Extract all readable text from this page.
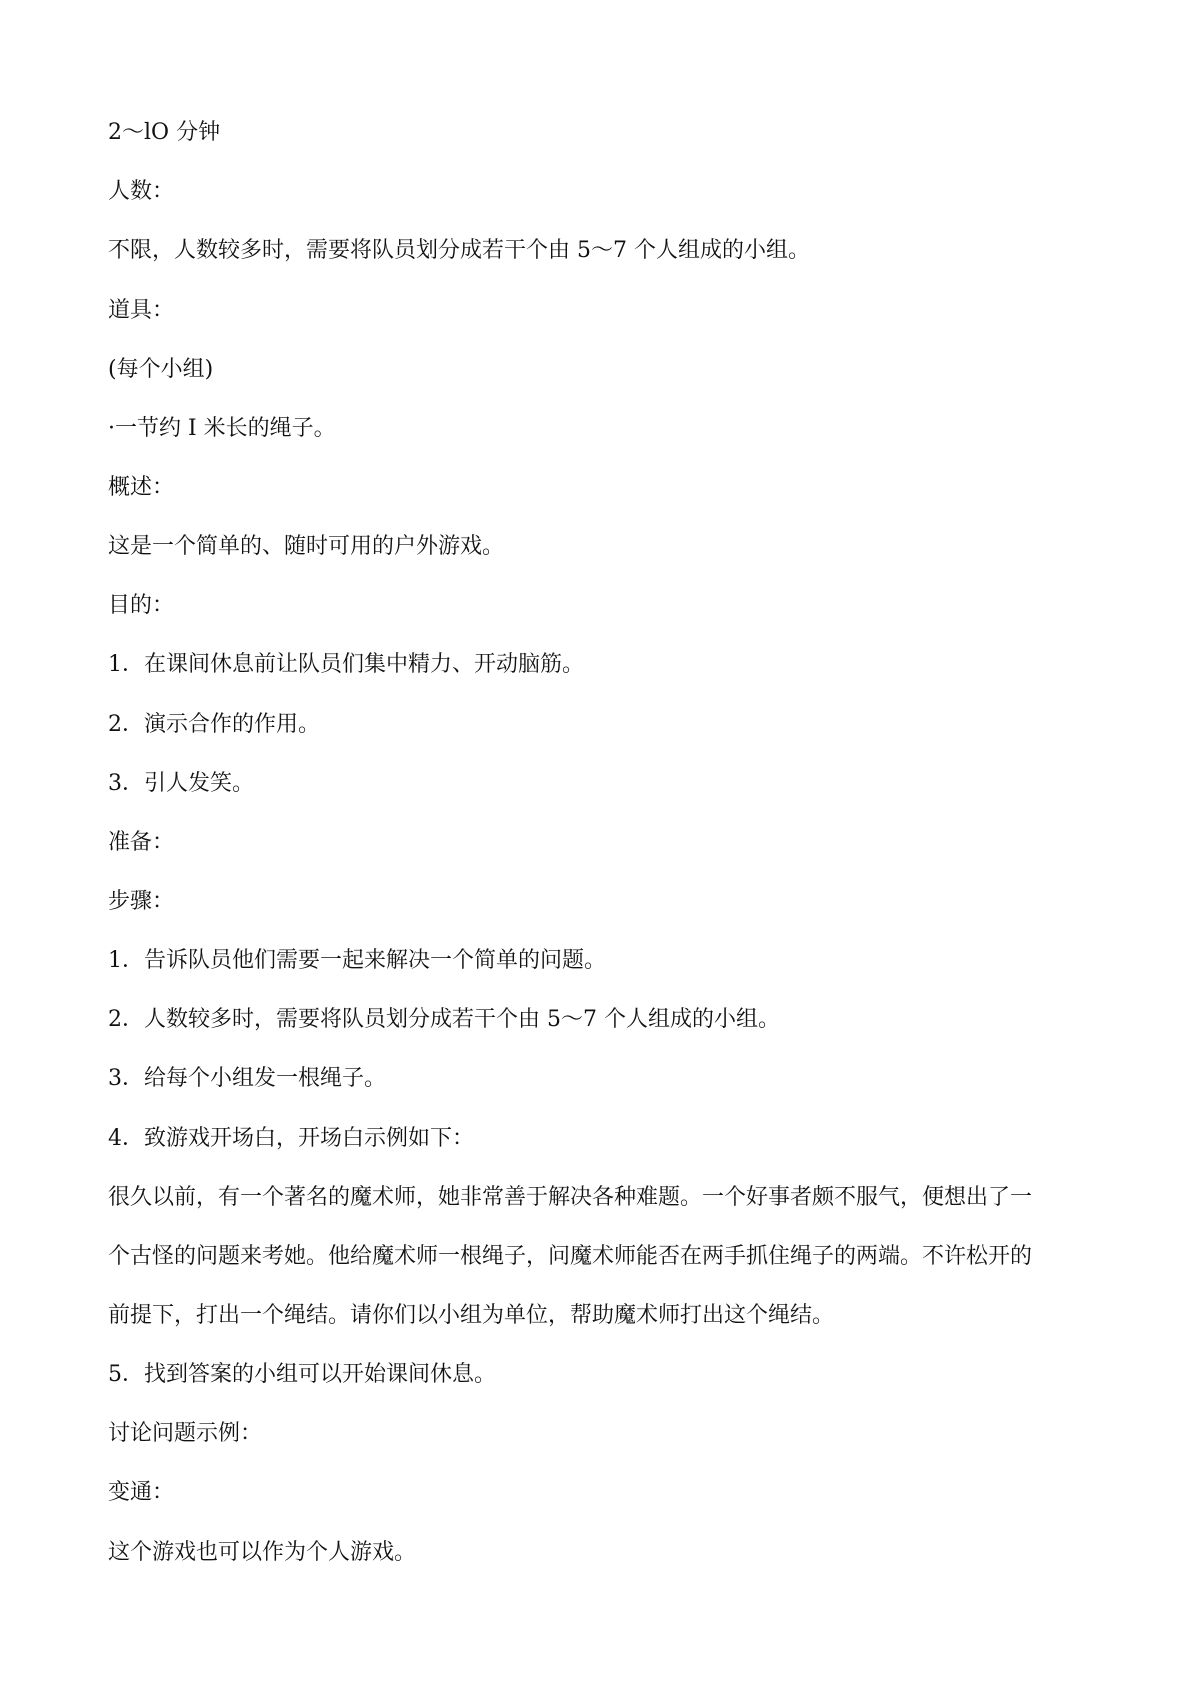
2～lO 分钟
人数：
不限，人数较多时，需要将队员划分成若干个由 5～7 个人组成的小组。
道具：
(每个小组)
·一节约 I 米长的绳子。
概述：
这是一个简单的、随时可用的户外游戏。
目的：
1．在课间休息前让队员们集中精力、开动脑筋。
2．演示合作的作用。
3．引人发笑。
准备：
步骤：
1．告诉队员他们需要一起来解决一个简单的问题。
2．人数较多时，需要将队员划分成若干个由 5～7 个人组成的小组。
3．给每个小组发一根绳子。
4．致游戏开场白，开场白示例如下：
很久以前，有一个著名的魔术师，她非常善于解决各种难题。一个好事者颇不服气，便想出了一
个古怪的问题来考她。他给魔术师一根绳子，问魔术师能否在两手抓住绳子的两端。不许松开的
前提下，打出一个绳结。请你们以小组为单位，帮助魔术师打出这个绳结。
5．找到答案的小组可以开始课间休息。
讨论问题示例：
变通：
这个游戏也可以作为个人游戏。
